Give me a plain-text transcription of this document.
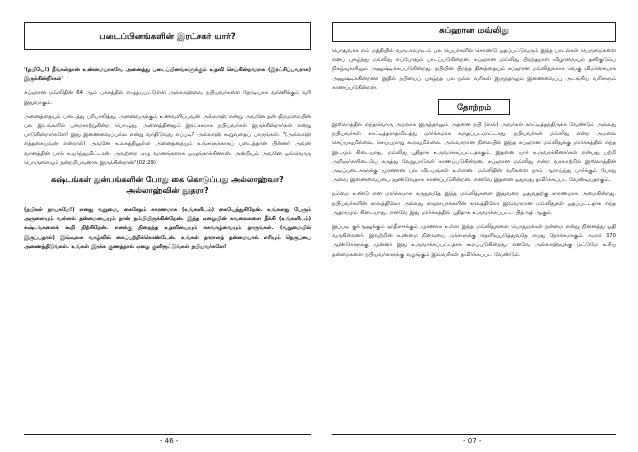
படைப்பினங்களின் இரட்சகர் யார்?

'(நபியே!) நீங்கள்தான் உண்மையாகவே அனைத்து படைப்பினங்களுக்கும் உதவி செய்கின்றவராக (இரட்சிப்பவராக) இருக்கின்றீர்கள்'

சுப்ஹான மவ்லிதின் 64 ஆம் பக்கத்தில் எழுதப்பட்டுள்ள அல்லாஹ்வை நபியவர்களை நேரடியாக வர்ணிக்கும் வரி இதுவாகும்.

அனைத்தையும் படைத்து பரிபாலித்து, அனைவருக்கும் உணவளிப்பவன் அல்லாஹ் என்று அவனே தன் திருமறையின் பல இடங்களில் பறைசாற்றுகின்ற பொழுது, அனைத்தினதும் இரட்சகராக நபியவர்கள் இருக்கின்றார்கள் என்று பாடுகின்றார்களே! இது இணைவைப்பல்ல என்று வாதிடுவது எப்படி? அல்லாஹ் கூறுவதைப் பாருங்கள்: "(அல்லாஹ் எத்தகையவன் என்றால்) அவனே உலகத்திலுள்ள அனைத்தையும் உங்களுக்காகப் படைத்தான் பின்னர் அவன் வானத்தின் பால் உயர்ந்துவிட்டான். அவற்றை ஏழு வானங்களாக ஒழுங்காக்கினான். அன்றியும் அவனே ஒவ்வொரு பொருளையும் நன்றறிபவனாக இருக்கின்றான்"(02:29)

கஷ்டங்கள் துன்பங்களின் போது கை கொடுப்பது அல்லாஹ்வா? அல்லாஹ்வின் தூதரா?

(நபிகள் நாயகமே!) எனது வறுமை, கைசேதம் காரணமாக (உங்களிடம்) கையேந்துகிறேன். உங்களது பேரும் அருளையும் வள்ளல் தன்மையையும் நான் நம்பியிருக்கின்றேன். இந்த ஏழையின் கவலைகளை நீக்கி (உங்களிடம்) கஷ்டங்களைக் கூறி நிற்கிறேன். எனக்கு நிறைந்த உதவியையும் சுகவாழ்வையும் தாருங்கள். (வறுமையில் இருப்பதால்) இவ்வுலக வாழ்வில் கைப்பற்றிக்கொண்டேன். உங்கள் தாராளத் தன்மையால் எரியும் நெருப்பை அணைத்திடுங்கள். உங்கள் இரக்க குணத்தால் ஏழை குளிரூட்டுங்கள் நபியவர்களே!

சுப்ஹான மவ்லிது

பொதுவாக எம் மத்தியில் வருடாவருடம் பல பெயர்களில் கொண்டு ஓதப்பட்டுவரும் இந்த பாடல்கள் பெருமைகளை எனப் புகழ்ந்து மவ்லிது எப்போதும் பாடப்படுகின்றன. சுப்ஹான மவ்லிது பிறந்தநாள் விழாவையும் தனிகுடும்ப நிகழ்வுகளிலும் அனுஷ்டிக்கப்படுகின்றது. நபியின் பிறந்த தினத்தையும் சுப்ஹான மவ்லிதுக்காக வெகு விமர்சையாக அனுஷ்டிக்கின்றனர் இதில் நபியைப் புகழ்ந்த பல நல்ல வரிகள் இருந்தாலும் இணைவைப்பு அடங்கிய வரிகளும் காணப்படுகின்றன.

தோற்றம்

இஸ்லாத்தில் எந்தவொரு அமலாக இருந்தாலும் அதனை நபி (ஸல்) அவர்கள் காட்டித்தந்திருக்க வேண்டும் அல்லது நபியவர்கள் காட்டித்தராதவிடத்து மார்க்கமாக கருதப்படமாட்டாது. நபியவர்கள் மவ்லிது என்ற அமலை செய்யவுமில்லை, செய்யுமாறு கூறவுமில்லை. அவ்வாறான நிலையில் இந்த சுப்ஹான மவ்லிதுக்கு மார்க்கத்தில் எந்த இடமும் கிடையாது. மவ்லிது புதிதாக உருவாக்கப்பட்டதாகும். இதனை யார் உருவாக்கினார்கள் என்பது பற்றி அறிஞர்களிடையே கருத்து வேறுபாடுகள் காணப்படுகின்றன. சுப்ஹான மவ்லிது என்ற வரலாற்றில் இஸ்லாத்தின் அடிப்படைகளுக்கு முரணான பல விடயங்கள் உள்ளன. மவ்லிதின் வரிகளை நாம் ஆராய்ந்து பார்க்கும் போது அவை இணைவைப்பை தூண்டுவதாக காணப்படுகின்றன. எனவே இதனை ஓதுவது தவிர்க்கப்பட வேண்டியதாகும்.

நம்மை உண்டு என மார்க்கமாக கருதுவதே இந்த மவ்லிதுகளை இதுவரை ஓதுவதற்கு காரணமாக அமைகின்றது. நபியவர்களின் காலத்திலோ அல்லது ஸஹாபாக்களின் காலத்திலோ இவ்வாறான மவ்லிதுகள் ஓதப்பட்டதாக எந்த ஆதாரமும் கிடையாது. எனவே இது மார்க்கத்தில் புதிதாக உருவாக்கப்பட்ட பித்அத் ஆகும்.

இப்படி குர்ஆனுக்கும் ஹதீஸுக்கும் முரணாக உள்ள இந்த மவ்லிதுகளை பொதுமக்கள் நன்மை என்று நினைத்து ஓதி வருகின்றனர். இவற்றின் உண்மை நிலையை மக்களுக்கு தெளிவுபடுத்துவதே எமது நோக்கமாகும். சுமார் 370 ஆண்டுகளுக்கு முன்னர் இது உருவாக்கப்பட்டதாக கூறப்படுகின்றது. எனவே அல்லாஹ்வுக்கு மட்டுமே உரிய தன்மைகளை நபியவர்களுக்கு வழங்கும் இவ்வரிகள் தவிர்க்கப்பட வேண்டும்.

- 46 -	- 07 -
